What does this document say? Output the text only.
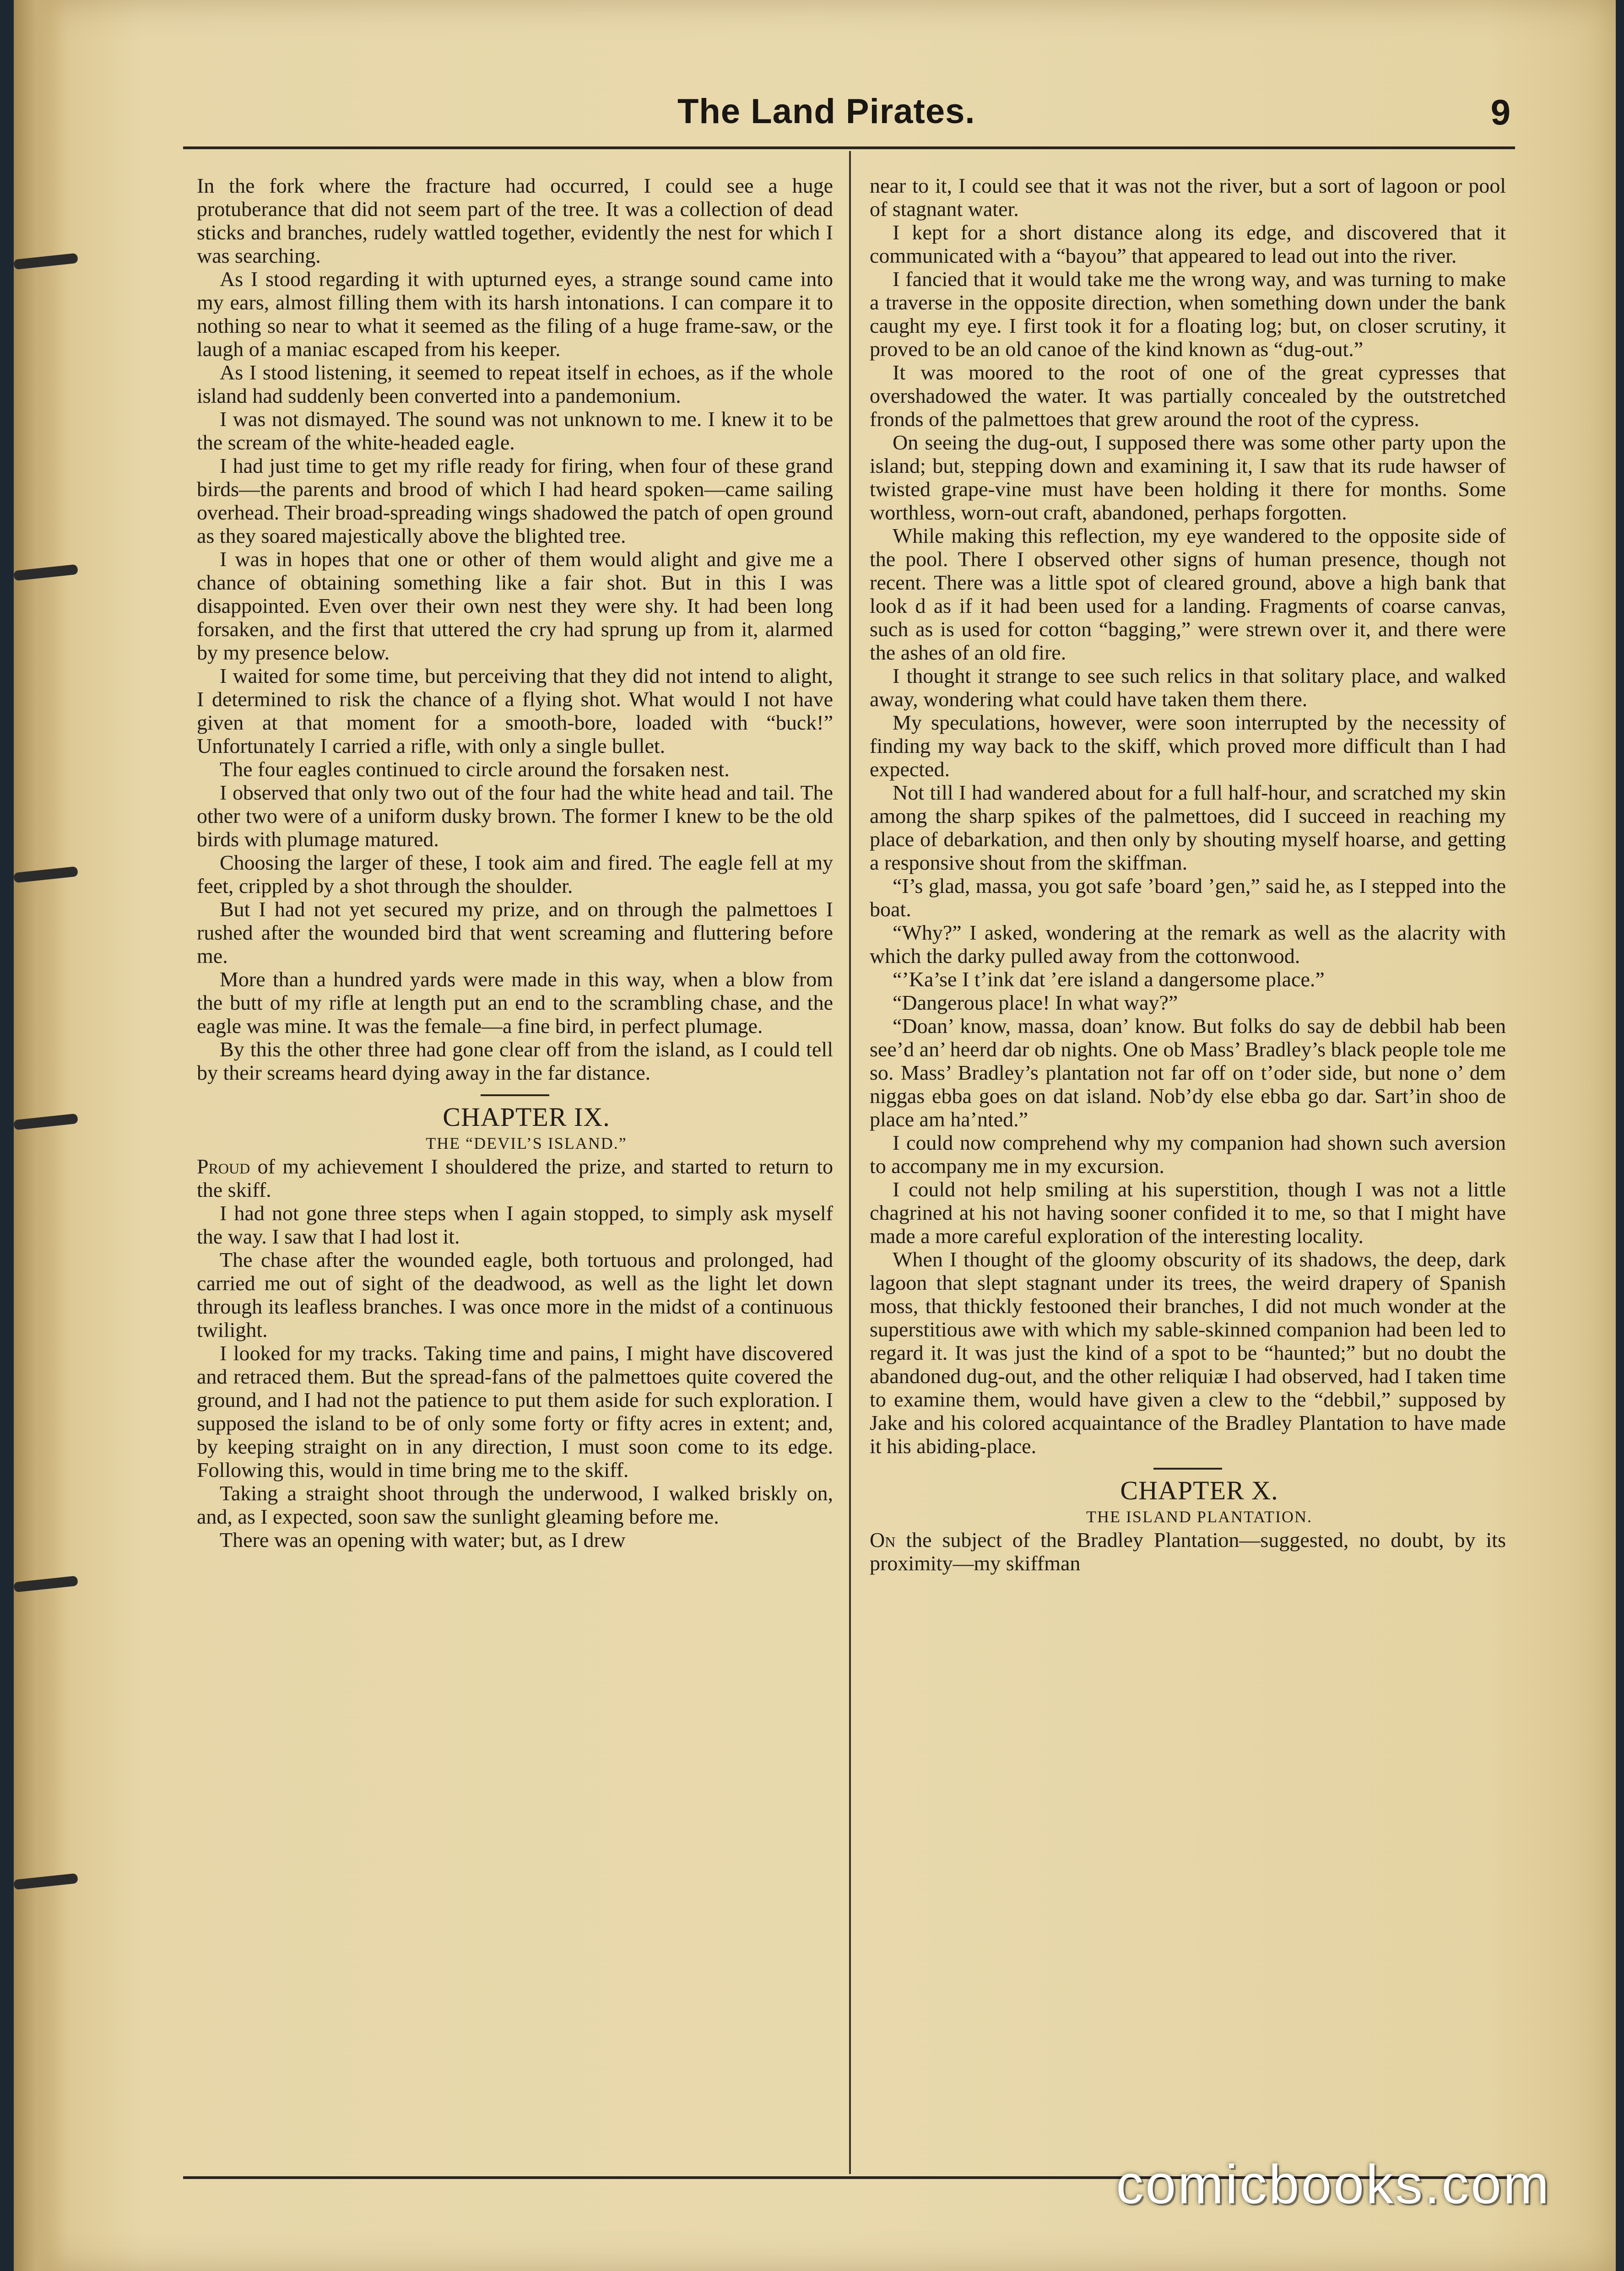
The Land Pirates.	9

In the fork where the fracture had occurred, I could see a huge protuberance that did not seem part of the tree. It was a collection of dead sticks and branches, rudely wattled together, evidently the nest for which I was searching.

As I stood regarding it with upturned eyes, a strange sound came into my ears, almost filling them with its harsh intonations. I can compare it to nothing so near to what it seemed as the filing of a huge frame-saw, or the laugh of a maniac escaped from his keeper.

As I stood listening, it seemed to repeat itself in echoes, as if the whole island had suddenly been converted into a pandemonium.

I was not dismayed. The sound was not unknown to me. I knew it to be the scream of the white-headed eagle.

I had just time to get my rifle ready for firing, when four of these grand birds—the parents and brood of which I had heard spoken—came sailing overhead. Their broad-spreading wings shadowed the patch of open ground as they soared majestically above the blighted tree.

I was in hopes that one or other of them would alight and give me a chance of obtaining something like a fair shot. But in this I was disappointed. Even over their own nest they were shy. It had been long forsaken, and the first that uttered the cry had sprung up from it, alarmed by my presence below.

I waited for some time, but perceiving that they did not intend to alight, I determined to risk the chance of a flying shot. What would I not have given at that moment for a smooth-bore, loaded with “buck!” Unfortunately I carried a rifle, with only a single bullet.

The four eagles continued to circle around the forsaken nest.

I observed that only two out of the four had the white head and tail. The other two were of a uniform dusky brown. The former I knew to be the old birds with plumage matured.

Choosing the larger of these, I took aim and fired. The eagle fell at my feet, crippled by a shot through the shoulder.

But I had not yet secured my prize, and on through the palmettoes I rushed after the wounded bird that went screaming and fluttering before me.

More than a hundred yards were made in this way, when a blow from the butt of my rifle at length put an end to the scrambling chase, and the eagle was mine. It was the female—a fine bird, in perfect plumage.

By this the other three had gone clear off from the island, as I could tell by their screams heard dying away in the far distance.

CHAPTER IX.

THE “DEVIL’S ISLAND.”

Proud of my achievement I shouldered the prize, and started to return to the skiff.

I had not gone three steps when I again stopped, to simply ask myself the way. I saw that I had lost it.

The chase after the wounded eagle, both tortuous and prolonged, had carried me out of sight of the deadwood, as well as the light let down through its leafless branches. I was once more in the midst of a continuous twilight.

I looked for my tracks. Taking time and pains, I might have discovered and retraced them. But the spread-fans of the palmettoes quite covered the ground, and I had not the patience to put them aside for such exploration. I supposed the island to be of only some forty or fifty acres in extent; and, by keeping straight on in any direction, I must soon come to its edge. Following this, would in time bring me to the skiff.

Taking a straight shoot through the underwood, I walked briskly on, and, as I expected, soon saw the sunlight gleaming before me.

There was an opening with water; but, as I drew

near to it, I could see that it was not the river, but a sort of lagoon or pool of stagnant water.

I kept for a short distance along its edge, and discovered that it communicated with a “bayou” that appeared to lead out into the river.

I fancied that it would take me the wrong way, and was turning to make a traverse in the opposite direction, when something down under the bank caught my eye. I first took it for a floating log; but, on closer scrutiny, it proved to be an old canoe of the kind known as “dug-out.”

It was moored to the root of one of the great cypresses that overshadowed the water. It was partially concealed by the outstretched fronds of the palmettoes that grew around the root of the cypress.

On seeing the dug-out, I supposed there was some other party upon the island; but, stepping down and examining it, I saw that its rude hawser of twisted grape-vine must have been holding it there for months. Some worthless, worn-out craft, abandoned, perhaps forgotten.

While making this reflection, my eye wandered to the opposite side of the pool. There I observed other signs of human presence, though not recent. There was a little spot of cleared ground, above a high bank that look d as if it had been used for a landing. Fragments of coarse canvas, such as is used for cotton “bagging,” were strewn over it, and there were the ashes of an old fire.

I thought it strange to see such relics in that solitary place, and walked away, wondering what could have taken them there.

My speculations, however, were soon interrupted by the necessity of finding my way back to the skiff, which proved more difficult than I had expected.

Not till I had wandered about for a full half-hour, and scratched my skin among the sharp spikes of the palmettoes, did I succeed in reaching my place of debarkation, and then only by shouting myself hoarse, and getting a responsive shout from the skiffman.

“I’s glad, massa, you got safe ’board ’gen,” said he, as I stepped into the boat.

“Why?” I asked, wondering at the remark as well as the alacrity with which the darky pulled away from the cottonwood.

“’Ka’se I t’ink dat ’ere island a dangersome place.”

“Dangerous place! In what way?”

“Doan’ know, massa, doan’ know. But folks do say de debbil hab been see’d an’ heerd dar ob nights. One ob Mass’ Bradley’s black people tole me so. Mass’ Bradley’s plantation not far off on t’oder side, but none o’ dem niggas ebba goes on dat island. Nob’dy else ebba go dar. Sart’in shoo de place am ha’nted.”

I could now comprehend why my companion had shown such aversion to accompany me in my excursion.

I could not help smiling at his superstition, though I was not a little chagrined at his not having sooner confided it to me, so that I might have made a more careful exploration of the interesting locality.

When I thought of the gloomy obscurity of its shadows, the deep, dark lagoon that slept stagnant under its trees, the weird drapery of Spanish moss, that thickly festooned their branches, I did not much wonder at the superstitious awe with which my sable-skinned companion had been led to regard it. It was just the kind of a spot to be “haunted;” but no doubt the abandoned dug-out, and the other reliquiæ I had observed, had I taken time to examine them, would have given a clew to the “debbil,” supposed by Jake and his colored acquaintance of the Bradley Plantation to have made it his abiding-place.

CHAPTER X.

THE ISLAND PLANTATION.

On the subject of the Bradley Plantation—suggested, no doubt, by its proximity—my skiffman

comicbooks.com
